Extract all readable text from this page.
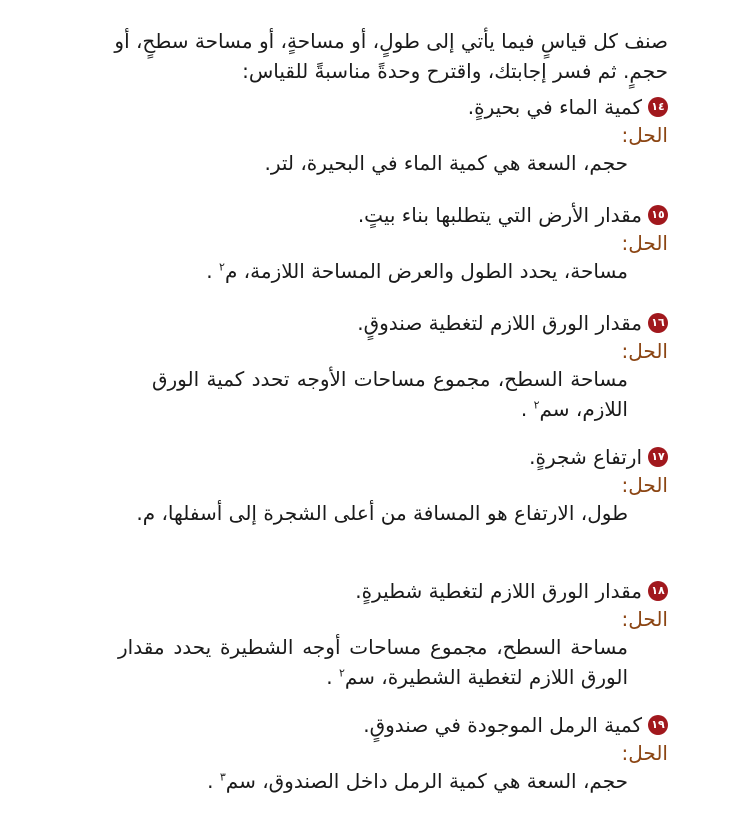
صنف كل قياسٍ فيما يأتي إلى طولٍ، أو مساحةٍ، أو مساحة سطحٍ، أو حجمٍ. ثم فسر إجابتك، واقترح وحدةً مناسبةً للقياس:
١٤
كمية الماء في بحيرةٍ.
الحل:
حجم، السعة هي كمية الماء في البحيرة، لتر.
١٥
مقدار الأرض التي يتطلبها بناء بيتٍ.
الحل:
مساحة، يحدد الطول والعرض المساحة اللازمة، م$^٢$ .
١٦
مقدار الورق اللازم لتغطية صندوقٍ.
الحل:
مساحة السطح، مجموع مساحات الأوجه تحدد كمية الورق اللازم، سم$^٢$ .
١٧
ارتفاع شجرةٍ.
الحل:
طول، الارتفاع هو المسافة من أعلى الشجرة إلى أسفلها، م.
١٨
مقدار الورق اللازم لتغطية شطيرةٍ.
الحل:
مساحة السطح، مجموع مساحات أوجه الشطيرة يحدد مقدار الورق اللازم لتغطية الشطيرة، سم$^٢$ .
١٩
كمية الرمل الموجودة في صندوقٍ.
الحل:
حجم، السعة هي كمية الرمل داخل الصندوق، سم$^٣$ .
